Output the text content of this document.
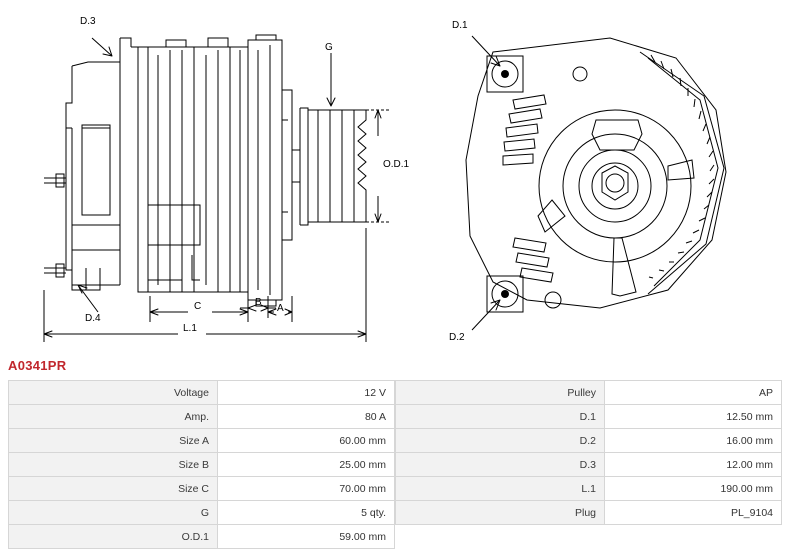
D.3
G
O.D.1
D.4
C	B
A
L.1
D.1
D.2
A0341PR
Voltage	12 V
Amp.	80 A
Size A	60.00 mm
Size B	25.00 mm
Size C	70.00 mm
G	5 qty.
O.D.1	59.00 mm
Pulley	AP
D.1	12.50 mm
D.2	16.00 mm
D.3	12.00 mm
L.1	190.00 mm
Plug	PL_9104
